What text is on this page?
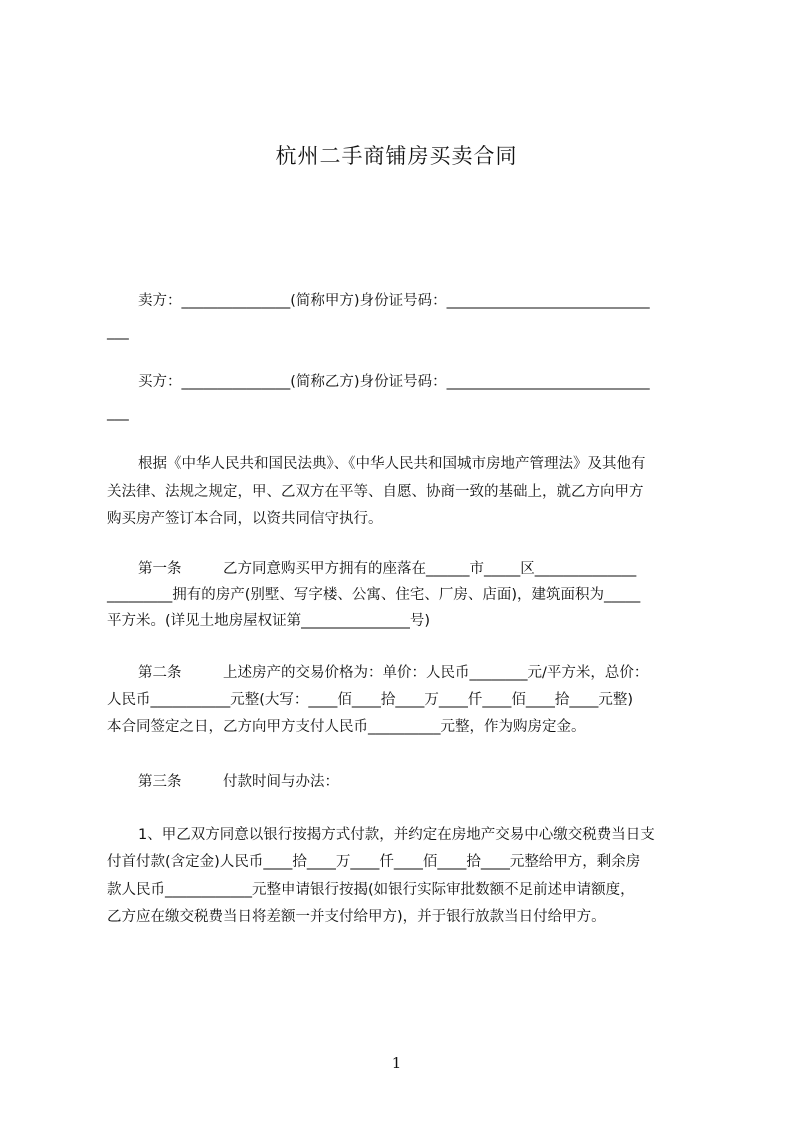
杭州二手商铺房买卖合同
卖方：_______________(简称甲方)身份证号码：____________________________
___
买方：_______________(简称乙方)身份证号码：____________________________
___
根据《中华人民共和国民法典》、《中华人民共和国城市房地产管理法》及其他有
关法律、法规之规定，甲、乙双方在平等、自愿、协商一致的基础上，就乙方向甲方
购买房产签订本合同，以资共同信守执行。
第一条         乙方同意购买甲方拥有的座落在______市_____区______________
_________拥有的房产(别墅、写字楼、公寓、住宅、厂房、店面)，建筑面积为_____
平方米。(详见土地房屋权证第_______________号)
第二条         上述房产的交易价格为：单价：人民币________元/平方米，总价：
人民币___________元整(大写：____佰____拾____万____仟____佰____拾____元整)
本合同签定之日，乙方向甲方支付人民币__________元整，作为购房定金。
第三条         付款时间与办法：
1、甲乙双方同意以银行按揭方式付款，并约定在房地产交易中心缴交税费当日支
付首付款(含定金)人民币____拾____万____仟____佰____拾____元整给甲方，剩余房
款人民币____________元整申请银行按揭(如银行实际审批数额不足前述申请额度，
乙方应在缴交税费当日将差额一并支付给甲方)，并于银行放款当日付给甲方。
1
